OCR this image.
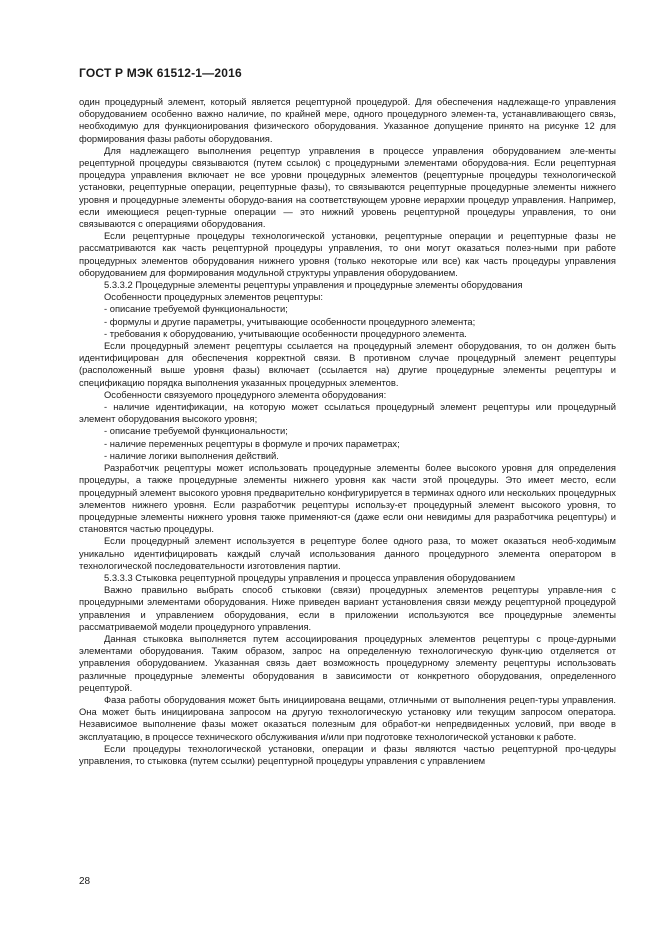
ГОСТ Р МЭК 61512-1—2016

один процедурный элемент, который является рецептурной процедурой. Для обеспечения надлежаще-го управления оборудованием особенно важно наличие, по крайней мере, одного процедурного элемен-та, устанавливающего связь, необходимую для функционирования физического оборудования. Указанное допущение принято на рисунке 12 для формирования фазы работы оборудования.

Для надлежащего выполнения рецептур управления в процессе управления оборудованием эле-менты рецептурной процедуры связываются (путем ссылок) с процедурными элементами оборудова-ния. Если рецептурная процедура управления включает не все уровни процедурных элементов (рецептурные процедуры технологической установки, рецептурные операции, рецептурные фазы), то связываются рецептурные процедурные элементы нижнего уровня и процедурные элементы оборудо-вания на соответствующем уровне иерархии процедур управления. Например, если имеющиеся рецеп-турные операции — это нижний уровень рецептурной процедуры управления, то они связываются с операциями оборудования.

Если рецептурные процедуры технологической установки, рецептурные операции и рецептурные фазы не рассматриваются как часть рецептурной процедуры управления, то они могут оказаться полез-ными при работе процедурных элементов оборудования нижнего уровня (только некоторые или все) как часть процедуры управления оборудованием для формирования модульной структуры управления оборудованием.

5.3.3.2 Процедурные элементы рецептуры управления и процедурные элементы оборудования

Особенности процедурных элементов рецептуры:

- описание требуемой функциональности;

- формулы и другие параметры, учитывающие особенности процедурного элемента;

- требования к оборудованию, учитывающие особенности процедурного элемента.

Если процедурный элемент рецептуры ссылается на процедурный элемент оборудования, то он должен быть идентифицирован для обеспечения корректной связи. В противном случае процедурный элемент рецептуры (расположенный выше уровня фазы) включает (ссылается на) другие процедурные элементы рецептуры и спецификацию порядка выполнения указанных процедурных элементов.

Особенности связуемого процедурного элемента оборудования:

- наличие идентификации, на которую может ссылаться процедурный элемент рецептуры или процедурный элемент оборудования высокого уровня;

- описание требуемой функциональности;

- наличие переменных рецептуры в формуле и прочих параметрах;

- наличие логики выполнения действий.

Разработчик рецептуры может использовать процедурные элементы более высокого уровня для определения процедуры, а также процедурные элементы нижнего уровня как части этой процедуры. Это имеет место, если процедурный элемент высокого уровня предварительно конфигурируется в терминах одного или нескольких процедурных элементов нижнего уровня. Если разработчик рецептуры использу-ет процедурный элемент высокого уровня, то процедурные элементы нижнего уровня также применяют-ся (даже если они невидимы для разработчика рецептуры) и становятся частью процедуры.

Если процедурный элемент используется в рецептуре более одного раза, то может оказаться необ-ходимым уникально идентифицировать каждый случай использования данного процедурного элемента оператором в технологической последовательности изготовления партии.

5.3.3.3 Стыковка рецептурной процедуры управления и процесса управления оборудованием

Важно правильно выбрать способ стыковки (связи) процедурных элементов рецептуры управле-ния с процедурными элементами оборудования. Ниже приведен вариант установления связи между рецептурной процедурой управления и управлением оборудования, если в приложении используются все процедурные элементы рассматриваемой модели процедурного управления.

Данная стыковка выполняется путем ассоциирования процедурных элементов рецептуры с проце-дурными элементами оборудования. Таким образом, запрос на определенную технологическую функ-цию отделяется от управления оборудованием. Указанная связь дает возможность процедурному элементу рецептуры использовать различные процедурные элементы оборудования в зависимости от конкретного оборудования, определенного рецептурой.

Фаза работы оборудования может быть инициирована вещами, отличными от выполнения рецеп-туры управления. Она может быть инициирована запросом на другую технологическую установку или текущим запросом оператора. Независимое выполнение фазы может оказаться полезным для обработ-ки непредвиденных условий, при вводе в эксплуатацию, в процессе технического обслуживания и/или при подготовке технологической установки к работе.

Если процедуры технологической установки, операции и фазы являются частью рецептурной про-цедуры управления, то стыковка (путем ссылки) рецептурной процедуры управления с управлением

28
